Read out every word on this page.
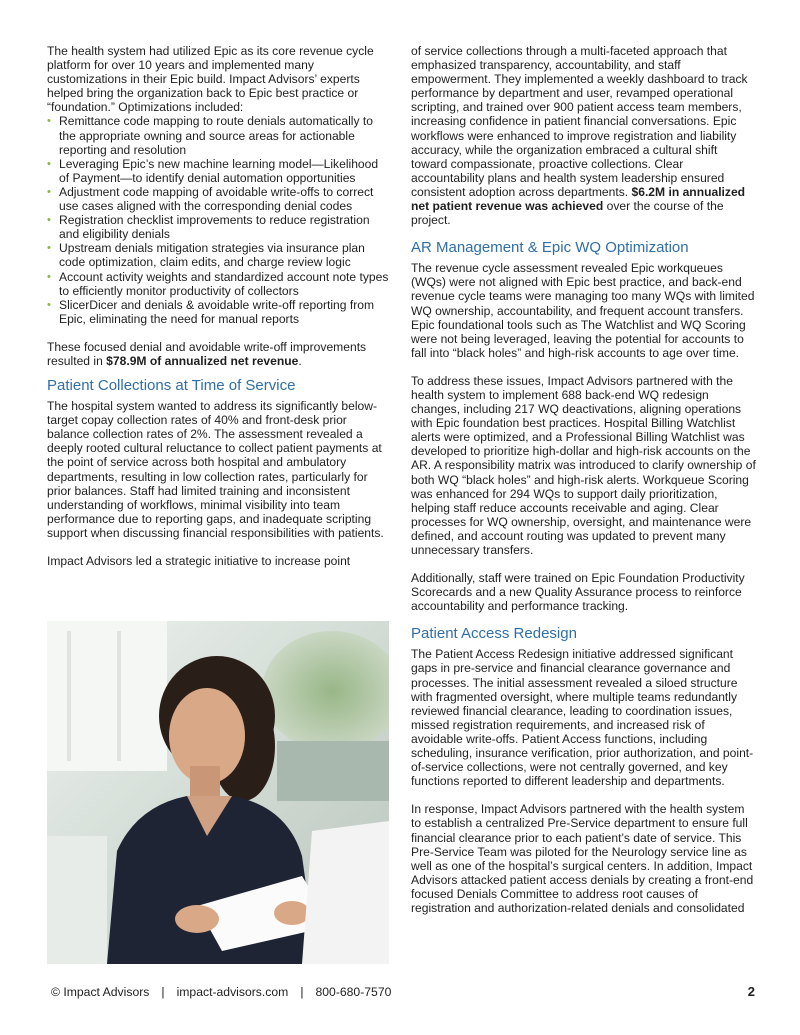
The health system had utilized Epic as its core revenue cycle platform for over 10 years and implemented many customizations in their Epic build. Impact Advisors’ experts helped bring the organization back to Epic best practice or “foundation.” Optimizations included:

• Remittance code mapping to route denials automatically to the appropriate owning and source areas for actionable reporting and resolution
• Leveraging Epic’s new machine learning model—Likelihood of Payment—to identify denial automation opportunities
• Adjustment code mapping of avoidable write-offs to correct use cases aligned with the corresponding denial codes
• Registration checklist improvements to reduce registration and eligibility denials
• Upstream denials mitigation strategies via insurance plan code optimization, claim edits, and charge review logic
• Account activity weights and standardized account note types to efficiently monitor productivity of collectors
• SlicerDicer and denials & avoidable write-off reporting from Epic, eliminating the need for manual reports

These focused denial and avoidable write-off improvements resulted in $78.9M of annualized net revenue.

Patient Collections at Time of Service

The hospital system wanted to address its significantly below-target copay collection rates of 40% and front-desk prior balance collection rates of 2%. The assessment revealed a deeply rooted cultural reluctance to collect patient payments at the point of service across both hospital and ambulatory departments, resulting in low collection rates, particularly for prior balances. Staff had limited training and inconsistent understanding of workflows, minimal visibility into team performance due to reporting gaps, and inadequate scripting support when discussing financial responsibilities with patients.

Impact Advisors led a strategic initiative to increase point

of service collections through a multi-faceted approach that emphasized transparency, accountability, and staff empowerment. They implemented a weekly dashboard to track performance by department and user, revamped operational scripting, and trained over 900 patient access team members, increasing confidence in patient financial conversations. Epic workflows were enhanced to improve registration and liability accuracy, while the organization embraced a cultural shift toward compassionate, proactive collections. Clear accountability plans and health system leadership ensured consistent adoption across departments. $6.2M in annualized net patient revenue was achieved over the course of the project.

AR Management & Epic WQ Optimization

The revenue cycle assessment revealed Epic workqueues (WQs) were not aligned with Epic best practice, and back-end revenue cycle teams were managing too many WQs with limited WQ ownership, accountability, and frequent account transfers. Epic foundational tools such as The Watchlist and WQ Scoring were not being leveraged, leaving the potential for accounts to fall into “black holes” and high-risk accounts to age over time.

To address these issues, Impact Advisors partnered with the health system to implement 688 back-end WQ redesign changes, including 217 WQ deactivations, aligning operations with Epic foundation best practices. Hospital Billing Watchlist alerts were optimized, and a Professional Billing Watchlist was developed to prioritize high-dollar and high-risk accounts on the AR. A responsibility matrix was introduced to clarify ownership of both WQ “black holes” and high-risk alerts. Workqueue Scoring was enhanced for 294 WQs to support daily prioritization, helping staff reduce accounts receivable and aging. Clear processes for WQ ownership, oversight, and maintenance were defined, and account routing was updated to prevent many unnecessary transfers.

Additionally, staff were trained on Epic Foundation Productivity Scorecards and a new Quality Assurance process to reinforce accountability and performance tracking.

Patient Access Redesign

The Patient Access Redesign initiative addressed significant gaps in pre-service and financial clearance governance and processes. The initial assessment revealed a siloed structure with fragmented oversight, where multiple teams redundantly reviewed financial clearance, leading to coordination issues, missed registration requirements, and increased risk of avoidable write-offs. Patient Access functions, including scheduling, insurance verification, prior authorization, and point-of-service collections, were not centrally governed, and key functions reported to different leadership and departments.

In response, Impact Advisors partnered with the health system to establish a centralized Pre-Service department to ensure full financial clearance prior to each patient’s date of service. This Pre-Service Team was piloted for the Neurology service line as well as one of the hospital’s surgical centers. In addition, Impact Advisors attacked patient access denials by creating a front-end focused Denials Committee to address root causes of registration and authorization-related denials and consolidated

© Impact Advisors | impact-advisors.com | 800-680-7570	2
